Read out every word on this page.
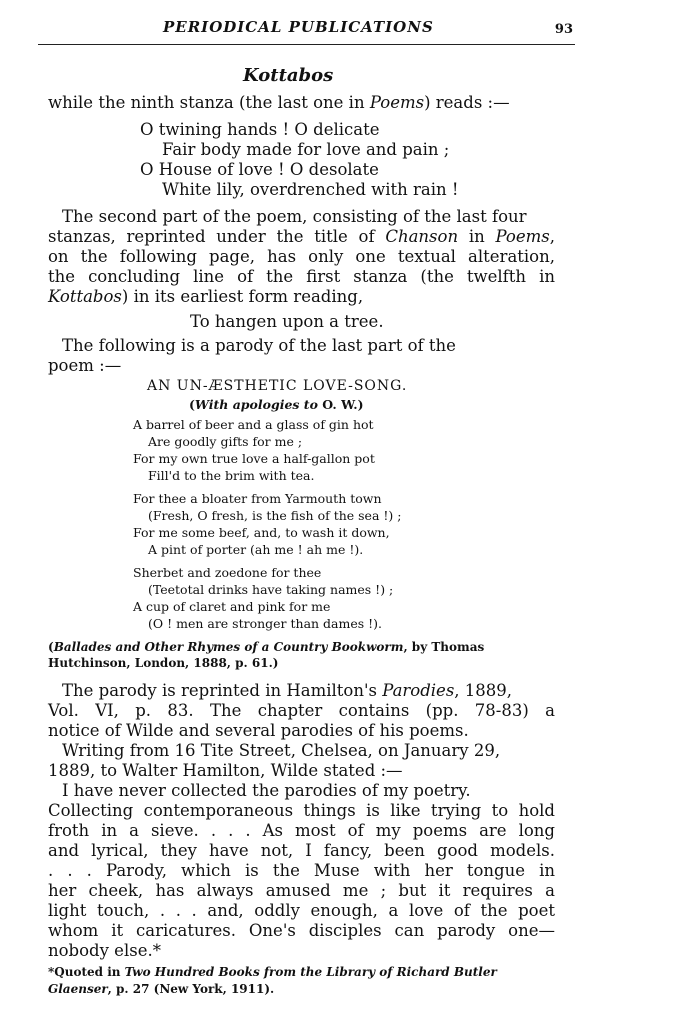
PERIODICAL PUBLICATIONS	93
Kottabos
while the ninth stanza (the last one in Poems) reads :—
O twining hands ! O delicate
Fair body made for love and pain ;
O House of love ! O desolate
White lily, overdrenched with rain !
The second part of the poem, consisting of the last four
stanzas, reprinted under the title of Chanson in Poems,
on the following page, has only one textual alteration,
the concluding line of the first stanza (the twelfth in
Kottabos) in its earliest form reading,
To hangen upon a tree.
The following is a parody of the last part of the
poem :—
AN UN-ÆSTHETIC LOVE-SONG.
(With apologies to O. W.)
A barrel of beer and a glass of gin hot
Are goodly gifts for me ;
For my own true love a half-gallon pot
Fill'd to the brim with tea.
For thee a bloater from Yarmouth town
(Fresh, O fresh, is the fish of the sea !) ;
For me some beef, and, to wash it down,
A pint of porter (ah me ! ah me !).
Sherbet and zoedone for thee
(Teetotal drinks have taking names !) ;
A cup of claret and pink for me
(O ! men are stronger than dames !).
(Ballades and Other Rhymes of a Country Bookworm, by Thomas
Hutchinson, London, 1888, p. 61.)
The parody is reprinted in Hamilton's Parodies, 1889,
Vol. VI, p. 83. The chapter contains (pp. 78-83) a
notice of Wilde and several parodies of his poems.
Writing from 16 Tite Street, Chelsea, on January 29,
1889, to Walter Hamilton, Wilde stated :—
I have never collected the parodies of my poetry.
Collecting contemporaneous things is like trying to hold
froth in a sieve. . . . As most of my poems are long
and lyrical, they have not, I fancy, been good models.
. . . Parody, which is the Muse with her tongue in
her cheek, has always amused me ; but it requires a
light touch, . . . and, oddly enough, a love of the poet
whom it caricatures. One's disciples can parody one—
nobody else.*
*Quoted in Two Hundred Books from the Library of Richard Butler
Glaenser, p. 27 (New York, 1911).
